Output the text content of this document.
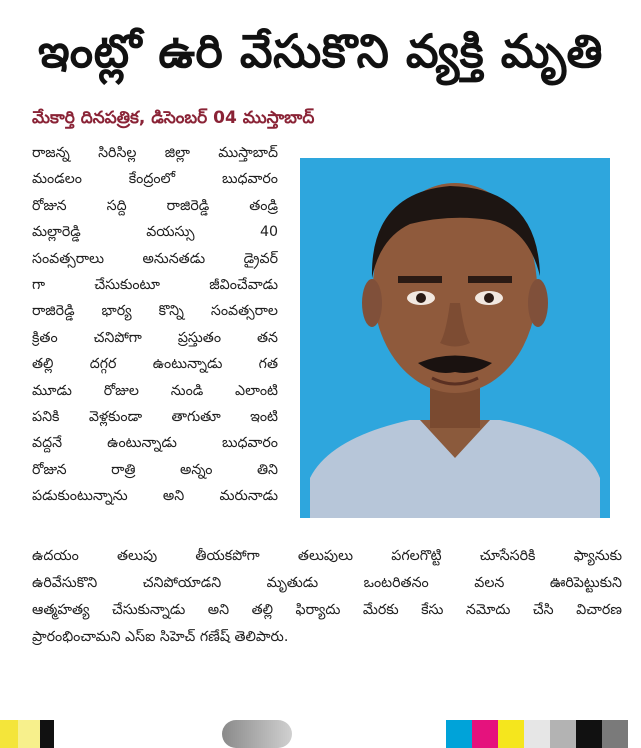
ఇంట్లో ఉరి వేసుకొని వ్యక్తి మృతి
మేకార్తి దినపత్రిక, డిసెంబర్ 04 ముస్తాబాద్
రాజన్న సిరిసిల్ల జిల్లా ముస్తాబాద్
మండలం కేంద్రంలో బుధవారం
రోజున సద్ది రాజిరెడ్డి తండ్రి
మల్లారెడ్డి వయస్సు 40
సంవత్సరాలు అనునతడు డ్రైవర్
గా చేసుకుంటూ జీవించేవాడు
రాజిరెడ్డి భార్య కొన్ని సంవత్సరాల
క్రితం చనిపోగా ప్రస్తుతం తన
తల్లి దగ్గర ఉంటున్నాడు గత
మూడు రోజుల నుండి ఎలాంటి
పనికి వెళ్లకుండా తాగుతూ ఇంటి
వద్దనే ఉంటున్నాడు బుధవారం
రోజున రాత్రి అన్నం తిని
పడుకుంటున్నాను అని మరునాడు
ఉదయం తలుపు తీయకపోగా తలుపులు పగలగొట్టి చూసేసరికి ఫ్యానుకు
ఉరివేసుకొని చనిపోయాడని మృతుడు ఒంటరితనం వలన ఊరిపెట్టుకుని
ఆత్మహత్య చేసుకున్నాడు అని తల్లి ఫిర్యాదు మేరకు కేసు నమోదు చేసి విచారణ
ప్రారంభించామని ఎస్ఐ సిహెచ్ గణేష్ తెలిపారు.
